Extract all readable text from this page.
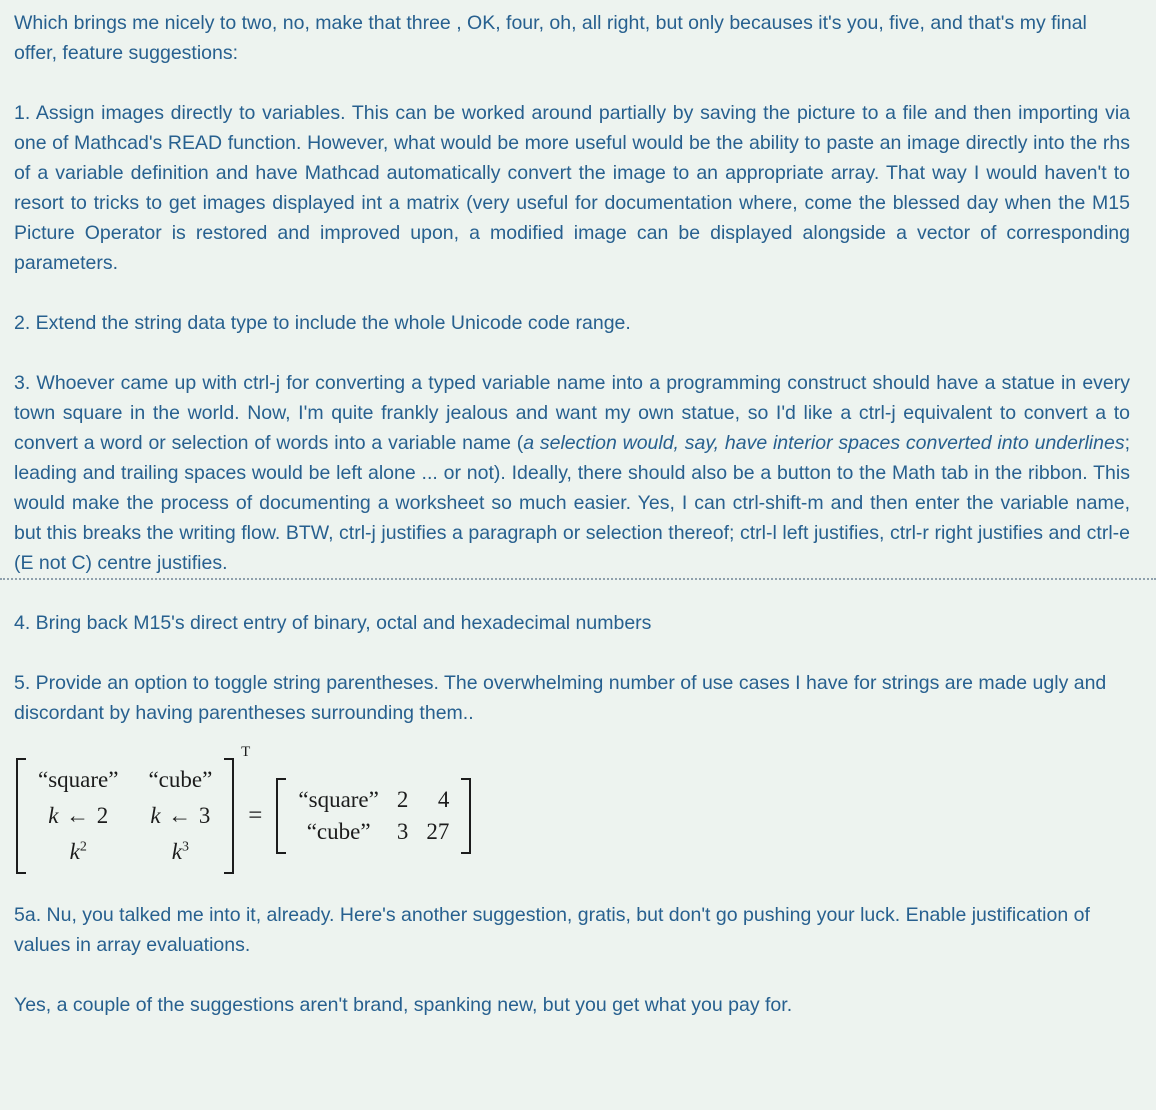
Which brings me nicely to two, no, make that three , OK, four, oh, all right, but only becauses it's you, five, and that's my final offer, feature suggestions:

1. Assign images directly to variables. This can be worked around partially by saving the picture to a file and then importing via one of Mathcad's READ function. However, what would be more useful would be the ability to paste an image directly into the rhs of a variable definition and have Mathcad automatically convert the image to an appropriate array. That way I would haven't to resort to tricks to get images displayed int a matrix (very useful for documentation where, come the blessed day when the M15 Picture Operator is restored and improved upon, a modified image can be displayed alongside a vector of corresponding parameters.

2. Extend the string data type to include the whole Unicode code range.

3. Whoever came up with ctrl-j for converting a typed variable name into a programming construct should have a statue in every town square in the world. Now, I'm quite frankly jealous and want my own statue, so I'd like a ctrl-j equivalent to convert a to convert a word or selection of words into a variable name (a selection would, say, have interior spaces converted into underlines; leading and trailing spaces would be left alone ... or not). Ideally, there should also be a button to the Math tab in the ribbon. This would make the process of documenting a worksheet so much easier. Yes, I can ctrl-shift-m and then enter the variable name, but this breaks the writing flow. BTW, ctrl-j justifies a paragraph or selection thereof; ctrl-l left justifies, ctrl-r right justifies and ctrl-e (E not C) centre justifies.

4. Bring back M15's direct entry of binary, octal and hexadecimal numbers

5. Provide an option to toggle string parentheses. The overwhelming number of use cases I have for strings are made ugly and discordant by having parentheses surrounding them..

“square” “cube”
k  ←   2 k  ←   3
$k^2$	$k^3$
$^T$
=
“square” 2 4
“cube” 3 27

5a. Nu, you talked me into it, already. Here's another suggestion, gratis, but don't go pushing your luck. Enable justification of values in array evaluations.

Yes, a couple of the suggestions aren't brand, spanking new, but you get what you pay for.
